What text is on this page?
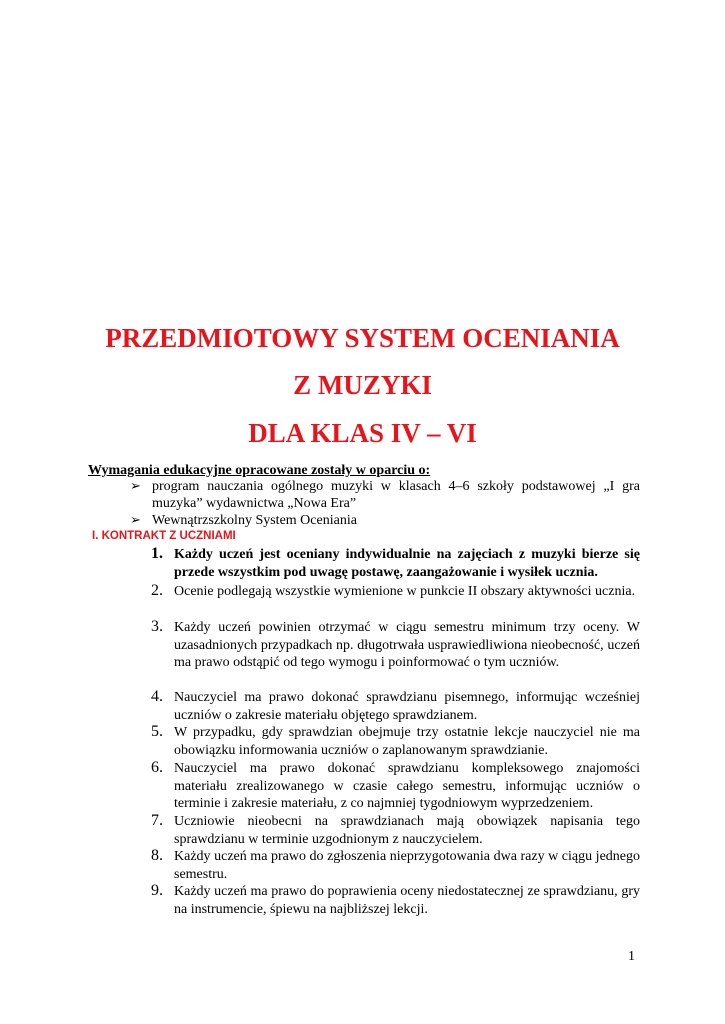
PRZEDMIOTOWY SYSTEM OCENIANIA
Z MUZYKI
DLA KLAS IV – VI

Wymagania edukacyjne opracowane zostały w oparciu o:

➢ program nauczania ogólnego muzyki w klasach 4–6 szkoły podstawowej „I gra muzyka” wydawnictwa „Nowa Era”
➢ Wewnątrzszkolny System Oceniania

I. KONTRAKT Z UCZNIAMI

1. Każdy uczeń jest oceniany indywidualnie na zajęciach z muzyki bierze się przede wszystkim pod uwagę postawę, zaangażowanie i wysiłek ucznia.
2. Ocenie podlegają wszystkie wymienione w punkcie II obszary aktywności ucznia.
3. Każdy uczeń powinien otrzymać w ciągu semestru minimum trzy oceny. W uzasadnionych przypadkach np. długotrwała usprawiedliwiona nieobecność, uczeń ma prawo odstąpić od tego wymogu i poinformować o tym uczniów.
4. Nauczyciel ma prawo dokonać sprawdzianu pisemnego, informując wcześniej uczniów o zakresie materiału objętego sprawdzianem.
5. W przypadku, gdy sprawdzian obejmuje trzy ostatnie lekcje nauczyciel nie ma obowiązku informowania uczniów o zaplanowanym sprawdzianie.
6. Nauczyciel ma prawo dokonać sprawdzianu kompleksowego znajomości materiału zrealizowanego w czasie całego semestru, informując uczniów o terminie i zakresie materiału, z co najmniej tygodniowym wyprzedzeniem.
7. Uczniowie nieobecni na sprawdzianach mają obowiązek napisania tego sprawdzianu w terminie uzgodnionym z nauczycielem.
8. Każdy uczeń ma prawo do zgłoszenia nieprzygotowania dwa razy w ciągu jednego semestru.
9. Każdy uczeń ma prawo do poprawienia oceny niedostatecznej ze sprawdzianu, gry na instrumencie, śpiewu na najbliższej lekcji.
1
